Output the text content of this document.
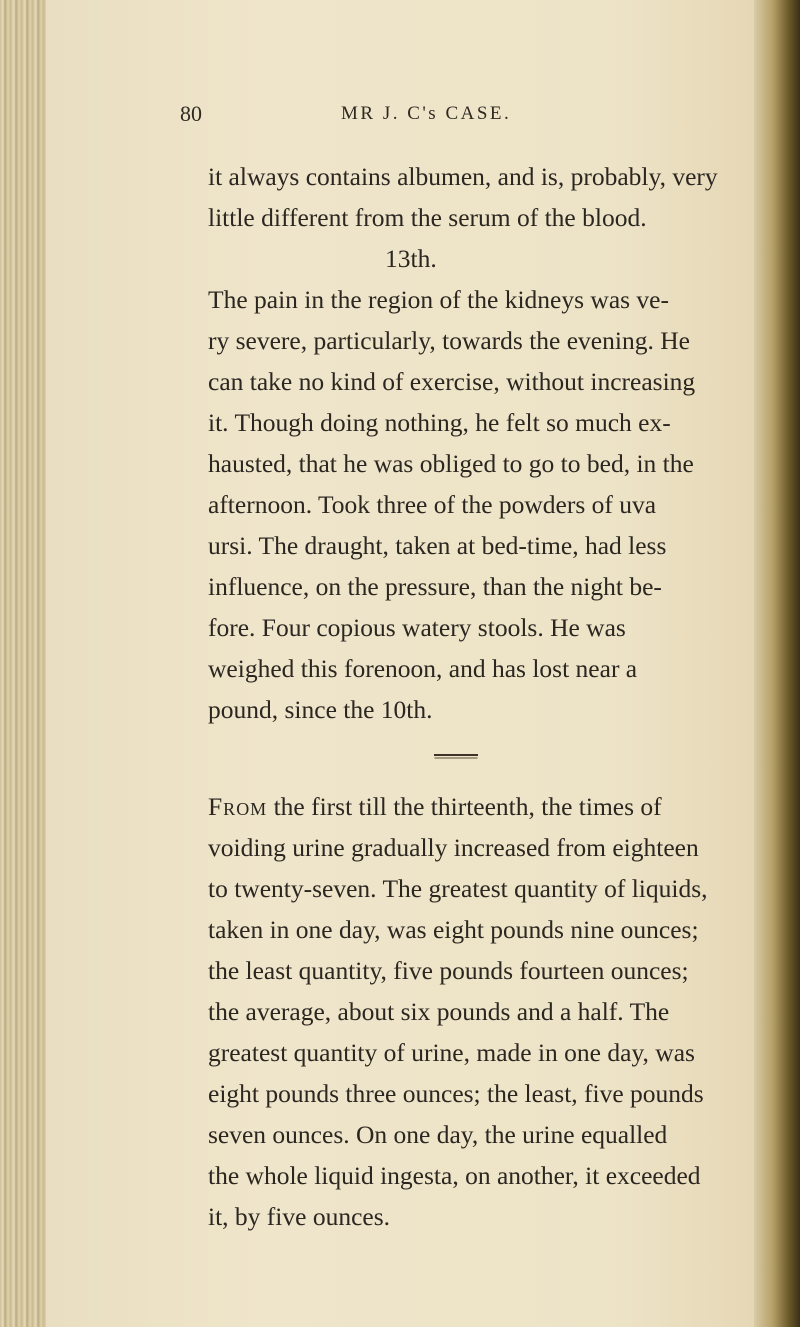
80	MR J. C's CASE.
it always contains albumen, and is, probably, very
little different from the serum of the blood.
13th.
The pain in the region of the kidneys was ve-
ry severe, particularly, towards the evening. He
can take no kind of exercise, without increasing
it. Though doing nothing, he felt so much ex-
hausted, that he was obliged to go to bed, in the
afternoon. Took three of the powders of uva
ursi. The draught, taken at bed-time, had less
influence, on the pressure, than the night be-
fore. Four copious watery stools. He was
weighed this forenoon, and has lost near a
pound, since the 10th.
From the first till the thirteenth, the times of
voiding urine gradually increased from eighteen
to twenty-seven. The greatest quantity of liquids,
taken in one day, was eight pounds nine ounces;
the least quantity, five pounds fourteen ounces;
the average, about six pounds and a half. The
greatest quantity of urine, made in one day, was
eight pounds three ounces; the least, five pounds
seven ounces. On one day, the urine equalled
the whole liquid ingesta, on another, it exceeded
it, by five ounces.
